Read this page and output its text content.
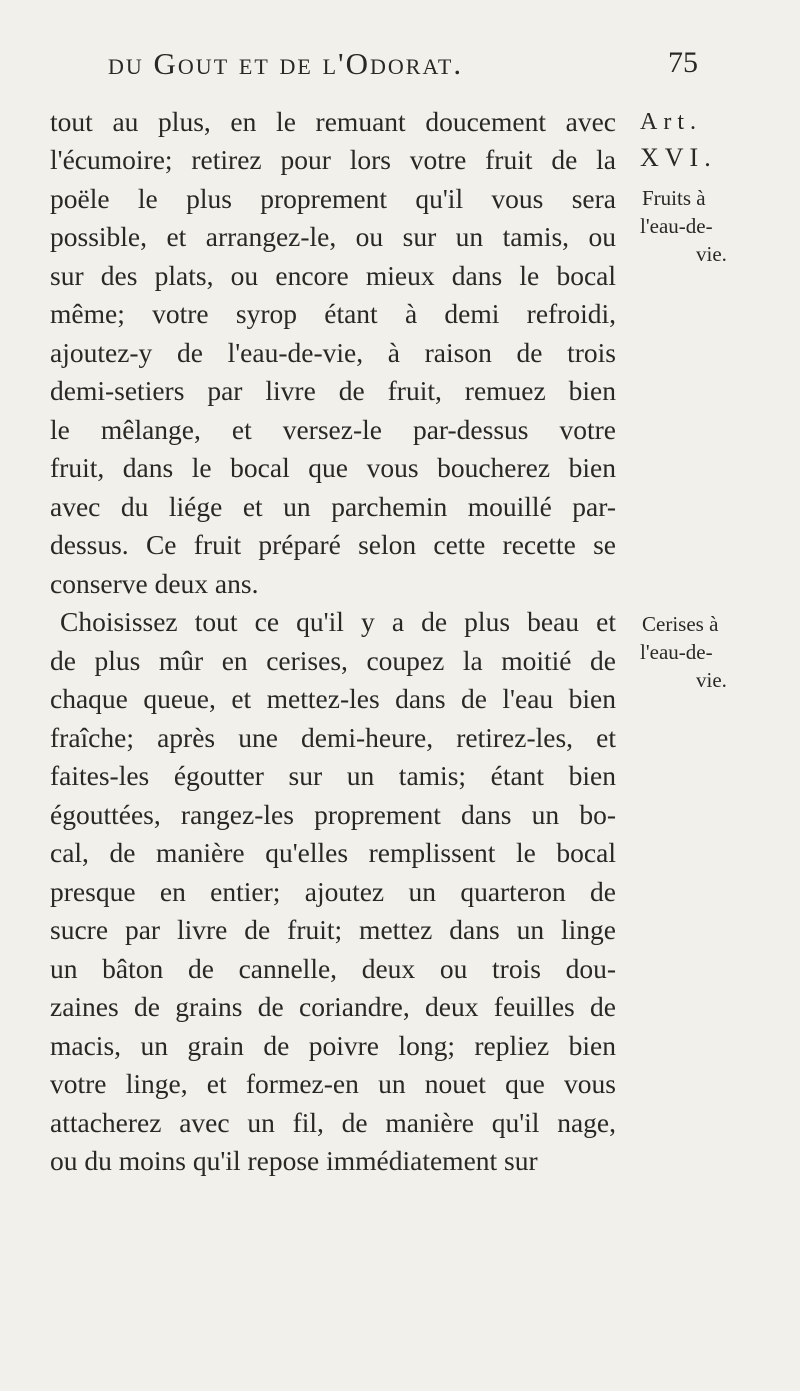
du Gout et de l'Odorat.	75
tout au plus, en le remuant doucement avec
l'écumoire; retirez pour lors votre fruit de la
poële le plus proprement qu'il vous sera
possible, et arrangez-le, ou sur un tamis, ou
sur des plats, ou encore mieux dans le bocal
même; votre syrop étant à demi refroidi,
ajoutez-y de l'eau-de-vie, à raison de trois
demi-setiers par livre de fruit, remuez bien
le mêlange, et versez-le par-dessus votre
fruit, dans le bocal que vous boucherez bien
avec du liége et un parchemin mouillé par-
dessus. Ce fruit préparé selon cette recette se
conserve deux ans.
Choisissez tout ce qu'il y a de plus beau et
de plus mûr en cerises, coupez la moitié de
chaque queue, et mettez-les dans de l'eau bien
fraîche; après une demi-heure, retirez-les, et
faites-les égoutter sur un tamis; étant bien
égouttées, rangez-les proprement dans un bo-
cal, de manière qu'elles remplissent le bocal
presque en entier; ajoutez un quarteron de
sucre par livre de fruit; mettez dans un linge
un bâton de cannelle, deux ou trois dou-
zaines de grains de coriandre, deux feuilles de
macis, un grain de poivre long; repliez bien
votre linge, et formez-en un nouet que vous
attacherez avec un fil, de manière qu'il nage,
ou du moins qu'il repose immédiatement sur
Art.
XVI.
Fruits à
l'eau-de-
vie.
Cerises à
l'eau-de-
vie.
